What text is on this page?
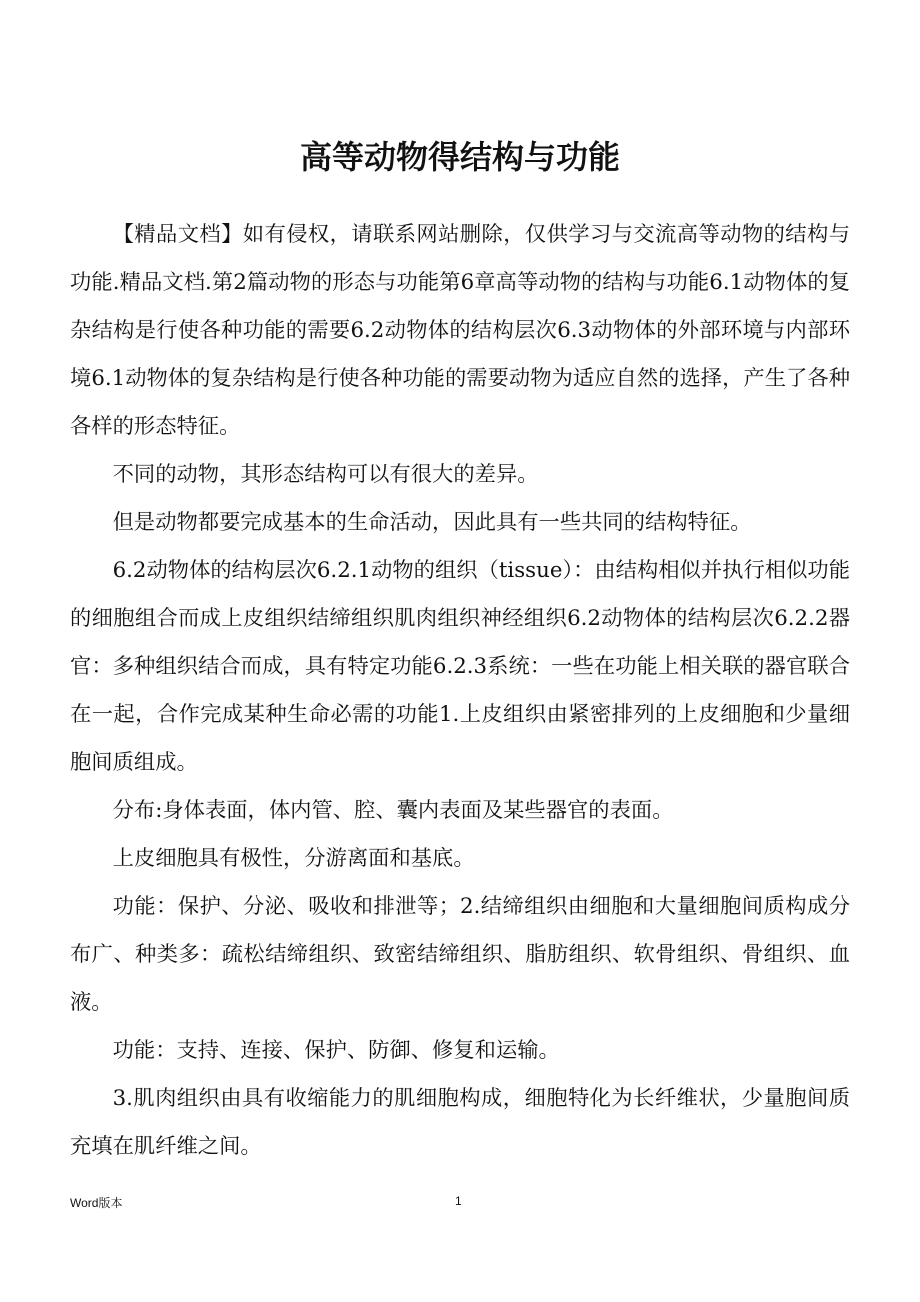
高等动物得结构与功能

【精品文档】如有侵权，请联系网站删除，仅供学习与交流高等动物的结构与功能.精品文档.第2篇动物的形态与功能第6章高等动物的结构与功能6.1动物体的复杂结构是行使各种功能的需要6.2动物体的结构层次6.3动物体的外部环境与内部环境6.1动物体的复杂结构是行使各种功能的需要动物为适应自然的选择，产生了各种各样的形态特征。

不同的动物，其形态结构可以有很大的差异。

但是动物都要完成基本的生命活动，因此具有一些共同的结构特征。

6.2动物体的结构层次6.2.1动物的组织（tissue）：由结构相似并执行相似功能的细胞组合而成上皮组织结缔组织肌肉组织神经组织6.2动物体的结构层次6.2.2器官：多种组织结合而成，具有特定功能6.2.3系统：一些在功能上相关联的器官联合在一起，合作完成某种生命必需的功能1.上皮组织由紧密排列的上皮细胞和少量细胞间质组成。

分布:身体表面，体内管、腔、囊内表面及某些器官的表面。

上皮细胞具有极性，分游离面和基底。

功能：保护、分泌、吸收和排泄等；2.结缔组织由细胞和大量细胞间质构成分布广、种类多：疏松结缔组织、致密结缔组织、脂肪组织、软骨组织、骨组织、血液。

功能：支持、连接、保护、防御、修复和运输。

3.肌肉组织由具有收缩能力的肌细胞构成，细胞特化为长纤维状，少量胞间质充填在肌纤维之间。

Word版本	1
